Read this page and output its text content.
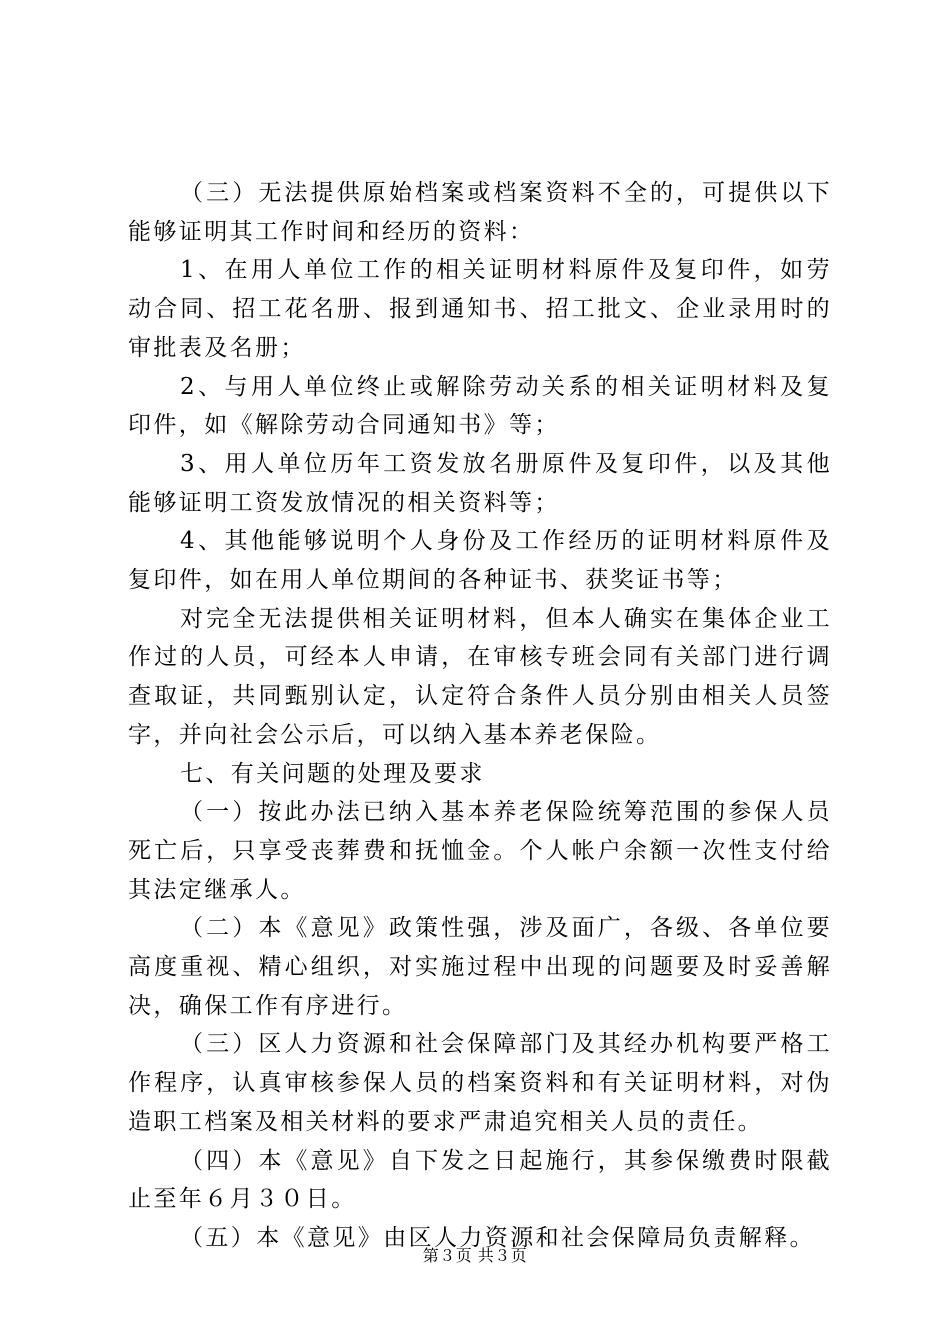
（三）无法提供原始档案或档案资料不全的，可提供以下能够证明其工作时间和经历的资料：

1、在用人单位工作的相关证明材料原件及复印件，如劳动合同、招工花名册、报到通知书、招工批文、企业录用时的审批表及名册；

2、与用人单位终止或解除劳动关系的相关证明材料及复印件，如《解除劳动合同通知书》等；

3、用人单位历年工资发放名册原件及复印件，以及其他能够证明工资发放情况的相关资料等；

4、其他能够说明个人身份及工作经历的证明材料原件及复印件，如在用人单位期间的各种证书、获奖证书等；

对完全无法提供相关证明材料，但本人确实在集体企业工作过的人员，可经本人申请，在审核专班会同有关部门进行调查取证，共同甄别认定，认定符合条件人员分别由相关人员签字，并向社会公示后，可以纳入基本养老保险。

七、有关问题的处理及要求

（一）按此办法已纳入基本养老保险统筹范围的参保人员死亡后，只享受丧葬费和抚恤金。个人帐户余额一次性支付给其法定继承人。

（二）本《意见》政策性强，涉及面广，各级、各单位要高度重视、精心组织，对实施过程中出现的问题要及时妥善解决，确保工作有序进行。

（三）区人力资源和社会保障部门及其经办机构要严格工作程序，认真审核参保人员的档案资料和有关证明材料，对伪造职工档案及相关材料的要求严肃追究相关人员的责任。

（四）本《意见》自下发之日起施行，其参保缴费时限截止至年６月３０日。

（五）本《意见》由区人力资源和社会保障局负责解释。

第３页 共３页
